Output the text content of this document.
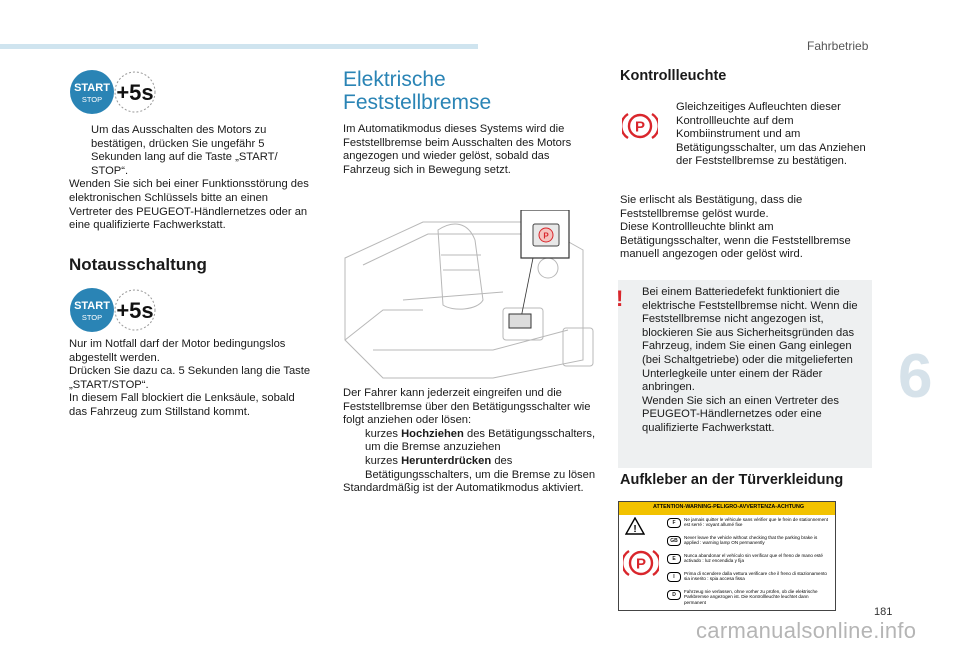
Fahrbetrieb
6
181
carmanualsonline.info
START
STOP +5s
Um das Ausschalten des Motors zu bestätigen, drücken Sie ungefähr 5 Sekunden lang auf die Taste „START/ STOP“.

Wenden Sie sich bei einer Funktionsstörung des elektronischen Schlüssels bitte an einen Vertreter des PEUGEOT-Händlernetzes oder an eine qualifizierte Fachwerkstatt.

Notausschaltung
START
STOP +5s

Nur im Notfall darf der Motor bedingungslos abgestellt werden.

Drücken Sie dazu ca. 5 Sekunden lang die Taste „START/STOP“.

In diesem Fall blockiert die Lenksäule, sobald das Fahrzeug zum Stillstand kommt.

Elektrische
Feststellbremse
Im Automatikmodus dieses Systems wird die Feststellbremse beim Ausschalten des Motors angezogen und wieder gelöst, sobald das Fahrzeug sich in Bewegung setzt.
P

Der Fahrer kann jederzeit eingreifen und die Feststellbremse über den Betätigungsschalter wie folgt anziehen oder lösen:

kurzes Hochziehen des Betätigungsschalters, um die Bremse anzuziehen
kurzes Herunterdrücken des Betätigungsschalters, um die Bremse zu lösen

Standardmäßig ist der Automatikmodus aktiviert.

Kontrollleuchte
P
Gleichzeitiges Aufleuchten dieser Kontrollleuchte auf dem Kombiinstrument und am Betätigungsschalter, um das Anziehen der Feststellbremse zu bestätigen.

Sie erlischt als Bestätigung, dass die Feststellbremse gelöst wurde.

Diese Kontrollleuchte blinkt am Betätigungsschalter, wenn die Feststellbremse manuell angezogen oder gelöst wird.

! Bei einem Batteriedefekt funktioniert die elektrische Feststellbremse nicht. Wenn die Feststellbremse nicht angezogen ist, blockieren Sie aus Sicherheitsgründen das Fahrzeug, indem Sie einen Gang einlegen (bei Schaltgetriebe) oder die mitgelieferten Unterlegkeile unter einem der Räder anbringen.

Wenden Sie sich an einen Vertreter des PEUGEOT-Händlernetzes oder eine qualifizierte Fachwerkstatt.

Aufkleber an der Türverkleidung
ATTENTION-WARNING-PELIGRO-AVVERTENZA-ACHTUNG
!
P
F
Ne jamais quitter le véhicule sans vérifier que le frein de stationnement est serré : voyant allumé fixe
GB
Never leave the vehicle without checking that the parking brake is applied : warning lamp ON permanently
E
Nunca abandonar el vehículo sin verificar que el freno de mano esté activado : luz encendida y fija
I
Prima di scendere dalla vettura verificare che il freno di stazionamento sia inserito : spia accesa fissa
D
Fahrzeug nie verlassen, ohne vorher zu prüfen, ob die elektrische Parkbremse angezogen ist. Die Kontrollleuchte leuchtet dann permanent
